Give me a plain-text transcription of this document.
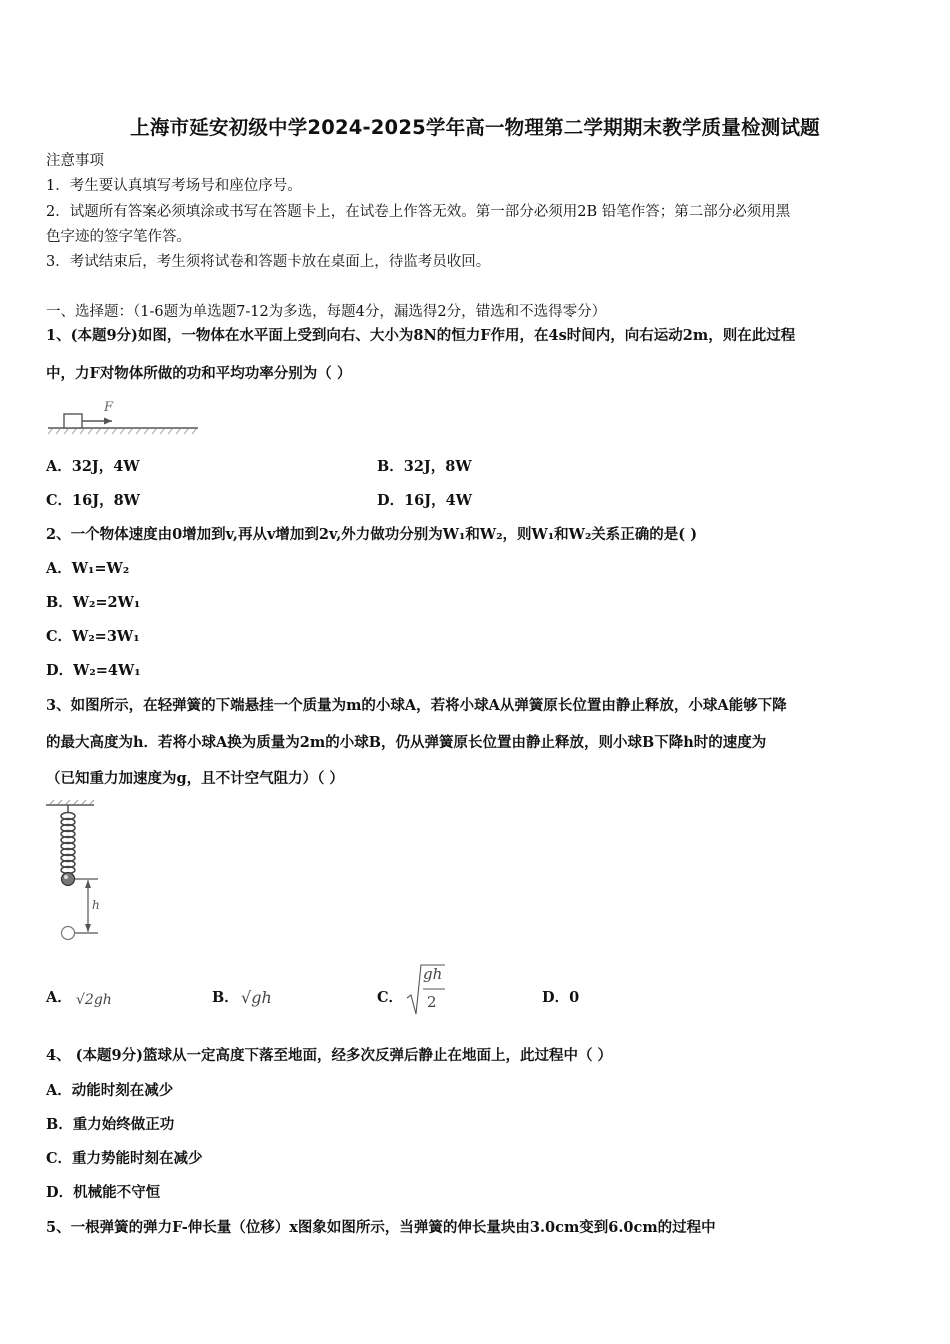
上海市延安初级中学2024-2025学年高一物理第二学期期末教学质量检测试题
注意事项
1．考生要认真填写考场号和座位序号。
2．试题所有答案必须填涂或书写在答题卡上，在试卷上作答无效。第一部分必须用2B 铅笔作答；第二部分必须用黑
色字迹的签字笔作答。
3．考试结束后，考生须将试卷和答题卡放在桌面上，待监考员收回。
一、选择题：（1-6题为单选题7-12为多选，每题4分，漏选得2分，错选和不选得零分）
1、(本题9分)如图，一物体在水平面上受到向右、大小为8N的恒力F作用，在4s时间内，向右运动2m，则在此过程
中，力F对物体所做的功和平均功率分别为（ ）
F
A．32J，4W	B．32J，8W
C．16J，8W	D．16J，4W
2、一个物体速度由0增加到v,再从v增加到2v,外力做功分别为W₁和W₂，则W₁和W₂关系正确的是( )
A．W₁=W₂
B．W₂=2W₁
C．W₂=3W₁
D．W₂=4W₁
3、如图所示，在轻弹簧的下端悬挂一个质量为m的小球A，若将小球A从弹簧原长位置由静止释放，小球A能够下降
的最大高度为h．若将小球A换为质量为2m的小球B，仍从弹簧原长位置由静止释放，则小球B下降h时的速度为
（已知重力加速度为g，且不计空气阻力）（ ）
h
A． √2gh	B． √gh	C．
gh
2	D．0
4、 (本题9分)篮球从一定高度下落至地面，经多次反弹后静止在地面上，此过程中（ ）
A．动能时刻在减少
B．重力始终做正功
C．重力势能时刻在减少
D．机械能不守恒
5、一根弹簧的弹力F-伸长量（位移）x图象如图所示，当弹簧的伸长量块由3.0cm变到6.0cm的过程中
